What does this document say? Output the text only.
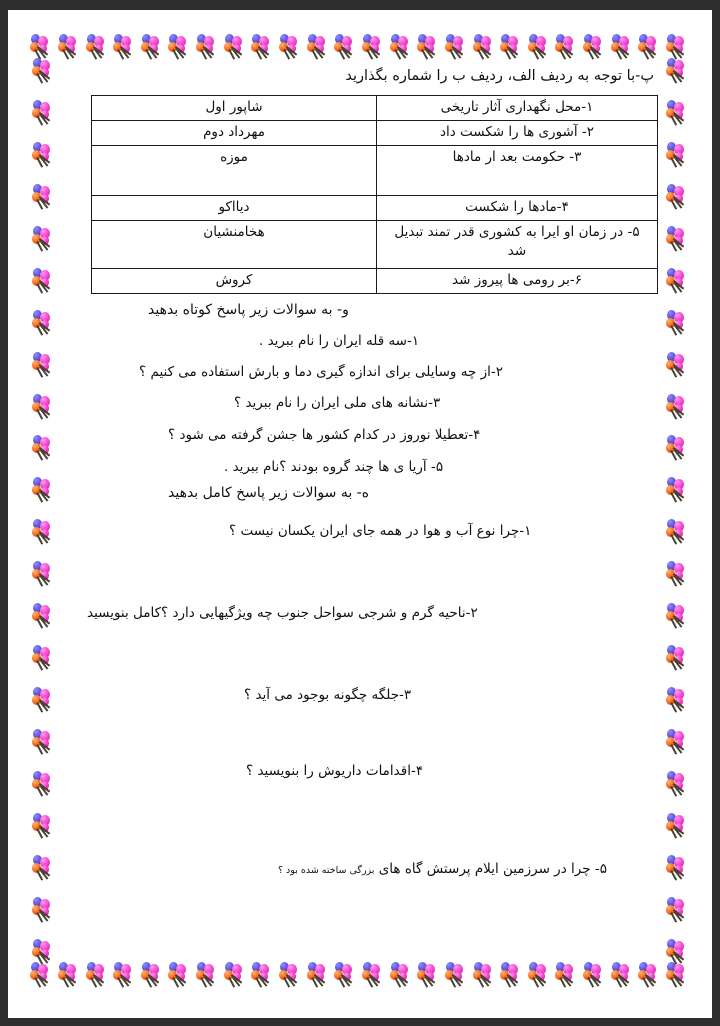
پ-با توجه به ردیف الف، ردیف ب را شماره بگذارید

۱-محل نگهداری آثار تاریخی	شاپور اول
۲- آشوری ها را شکست داد	مهرداد دوم
۳- حکومت بعد ار مادها	موزه
۴-مادها را شکست	دیااکو
۵- در زمان او ایرا به کشوری قدر تمند تبدیل شد	هخامنشیان
۶-بر رومی ها پیروز شد	کروش

و- به سوالات زیر پاسخ کوتاه بدهید

۱-سه قله ایران را نام ببرید .
۲-از چه وسایلی برای اندازه گیری دما و بارش استفاده می کنیم ؟
۳-نشانه های ملی ایران را نام ببرید ؟
۴-تعطیلا نوروز در کدام کشور ها جشن گرفته می شود ؟
۵- آریا ی ها چند گروه بودند ؟نام ببرید .

ه- به سوالات زیر پاسخ کامل بدهید

۱-چرا نوع آب و هوا در همه جای ایران یکسان نیست ؟
۲-ناحیه گرم و شرجی سواحل جنوب چه ویژگیهایی دارد ؟کامل بنویسید
۳-جلگه چگونه بوجود می آید ؟
۴-اقدامات داریوش را بنویسید ؟
۵- چرا در سرزمین ایلام پرستش گاه های بزرگی ساخته شده بود ؟
